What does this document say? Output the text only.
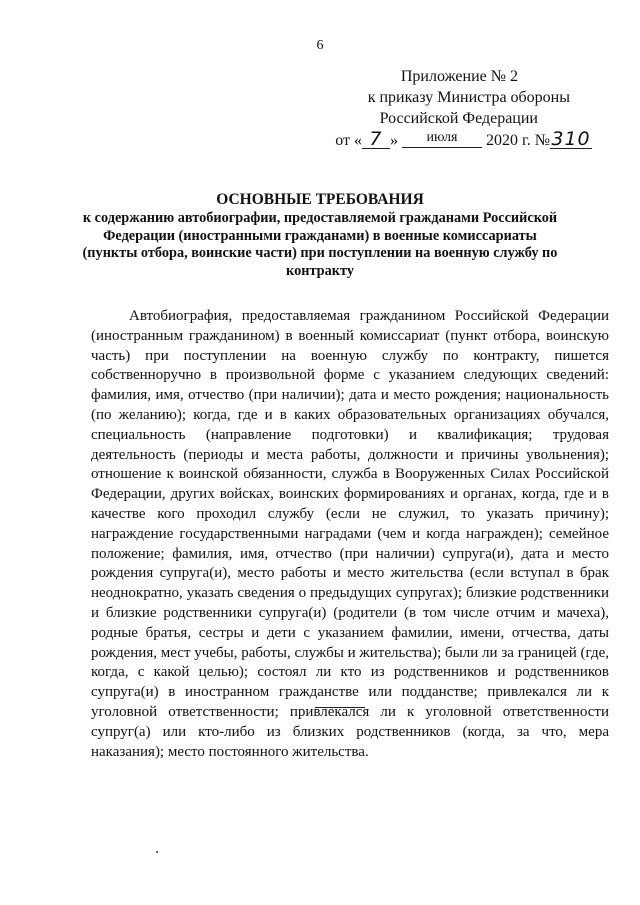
6
Приложение № 2
к приказу Министра обороны
Российской Федерации
от « 7 » июля 2020 г. №310
ОСНОВНЫЕ ТРЕБОВАНИЯ
к содержанию автобиографии, предоставляемой гражданами Российской Федерации (иностранными гражданами) в военные комиссариаты (пункты отбора, воинские части) при поступлении на военную службу по контракту

Автобиография, предоставляемая гражданином Российской Федерации (иностранным гражданином) в военный комиссариат (пункт отбора, воинскую часть) при поступлении на военную службу по контракту, пишется собственноручно в произвольной форме с указанием следующих сведений: фамилия, имя, отчество (при наличии); дата и место рождения; национальность (по желанию); когда, где и в каких образовательных организациях обучался, специальность (направление подготовки) и квалификация; трудовая деятельность (периоды и места работы, должности и причины увольнения); отношение к воинской обязанности, служба в Вооруженных Силах Российской Федерации, других войсках, воинских формированиях и органах, когда, где и в качестве кого проходил службу (если не служил, то указать причину); награждение государственными наградами (чем и когда награжден); семейное положение; фамилия, имя, отчество (при наличии) супруга(и), дата и место рождения супруга(и), место работы и место жительства (если вступал в брак неоднократно, указать сведения о предыдущих супругах); близкие родственники и близкие родственники супруга(и) (родители (в том числе отчим и мачеха), родные братья, сестры и дети с указанием фамилии, имени, отчества, даты рождения, мест учебы, работы, службы и жительства); были ли за границей (где, когда, с какой целью); состоял ли кто из родственников и родственников супруга(и) в иностранном гражданстве или подданстве; привлекался ли к уголовной ответственности; привлекался ли к уголовной ответственности супруг(а) или кто-либо из близких родственников (когда, за что, мера наказания); место постоянного жительства.
